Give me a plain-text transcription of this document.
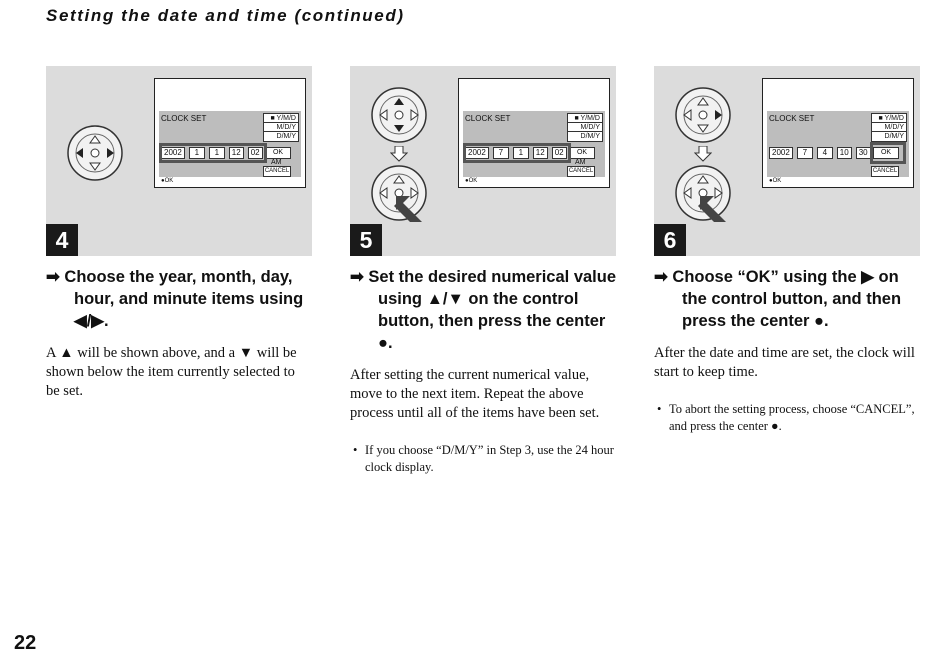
Setting the date and time (continued)
CLOCK SET	■ Y/M/D
M/D/Y
D/M/Y
2002	1	1	12	02	OK
CANCEL
AM
●OK
4
➡ Choose the year, month, day, hour, and minute items using ◀/▶.
A ▲ will be shown above, and a ▼ will be shown below the item currently selected to be set.
CLOCK SET	■ Y/M/D
M/D/Y
D/M/Y
2002	7	1	12	02	OK
CANCEL
AM
●OK
5
➡ Set the desired numerical value using ▲/▼ on the control button, then press the center ●.
After setting the current numerical value, move to the next item. Repeat the above process until all of the items have been set.
• If you choose “D/M/Y” in Step 3, use the 24 hour clock display.
CLOCK SET	■ Y/M/D
M/D/Y
D/M/Y
2002	7	4	10	30	OK
CANCEL
●OK
6
➡ Choose “OK” using the ▶ on the control button, and then press the center ●.
After the date and time are set, the clock will start to keep time.
• To abort the setting process, choose “CANCEL”, and press the center ●.
22
